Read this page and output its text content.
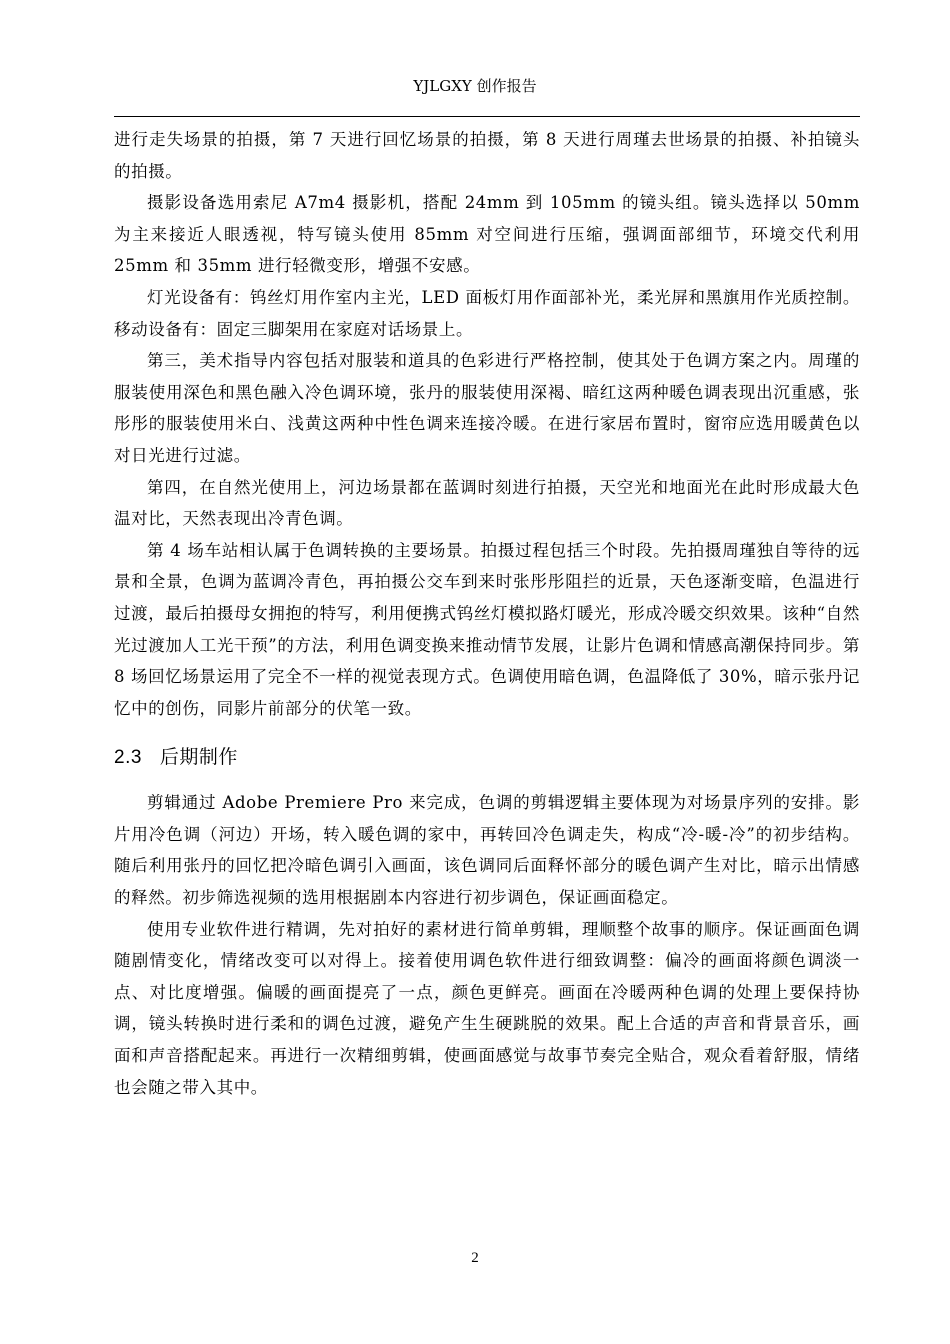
YJLGXY 创作报告

进行走失场景的拍摄，第 7 天进行回忆场景的拍摄，第 8 天进行周瑾去世场景的拍摄、补拍镜头的拍摄。

摄影设备选用索尼 A7m4 摄影机，搭配 24mm 到 105mm 的镜头组。镜头选择以 50mm 为主来接近人眼透视，特写镜头使用 85mm 对空间进行压缩，强调面部细节，环境交代利用 25mm 和 35mm 进行轻微变形，增强不安感。

灯光设备有：钨丝灯用作室内主光，LED 面板灯用作面部补光，柔光屏和黑旗用作光质控制。移动设备有：固定三脚架用在家庭对话场景上。

第三，美术指导内容包括对服装和道具的色彩进行严格控制，使其处于色调方案之内。周瑾的服装使用深色和黑色融入冷色调环境，张丹的服装使用深褐、暗红这两种暖色调表现出沉重感，张彤彤的服装使用米白、浅黄这两种中性色调来连接冷暖。在进行家居布置时，窗帘应选用暖黄色以对日光进行过滤。

第四，在自然光使用上，河边场景都在蓝调时刻进行拍摄，天空光和地面光在此时形成最大色温对比，天然表现出冷青色调。

第 4 场车站相认属于色调转换的主要场景。拍摄过程包括三个时段。先拍摄周瑾独自等待的远景和全景，色调为蓝调冷青色，再拍摄公交车到来时张彤彤阻拦的近景，天色逐渐变暗，色温进行过渡，最后拍摄母女拥抱的特写，利用便携式钨丝灯模拟路灯暖光，形成冷暖交织效果。该种“自然光过渡加人工光干预”的方法，利用色调变换来推动情节发展，让影片色调和情感高潮保持同步。第 8 场回忆场景运用了完全不一样的视觉表现方式。色调使用暗色调，色温降低了 30%，暗示张丹记忆中的创伤，同影片前部分的伏笔一致。

2.3 后期制作

剪辑通过 Adobe Premiere Pro 来完成，色调的剪辑逻辑主要体现为对场景序列的安排。影片用冷色调（河边）开场，转入暖色调的家中，再转回冷色调走失，构成“冷-暖-冷”的初步结构。随后利用张丹的回忆把冷暗色调引入画面，该色调同后面释怀部分的暖色调产生对比，暗示出情感的释然。初步筛选视频的选用根据剧本内容进行初步调色，保证画面稳定。

使用专业软件进行精调，先对拍好的素材进行简单剪辑，理顺整个故事的顺序。保证画面色调随剧情变化，情绪改变可以对得上。接着使用调色软件进行细致调整：偏冷的画面将颜色调淡一点、对比度增强。偏暖的画面提亮了一点，颜色更鲜亮。画面在冷暖两种色调的处理上要保持协调，镜头转换时进行柔和的调色过渡，避免产生生硬跳脱的效果。配上合适的声音和背景音乐，画面和声音搭配起来。再进行一次精细剪辑，使画面感觉与故事节奏完全贴合，观众看着舒服，情绪也会随之带入其中。

2
